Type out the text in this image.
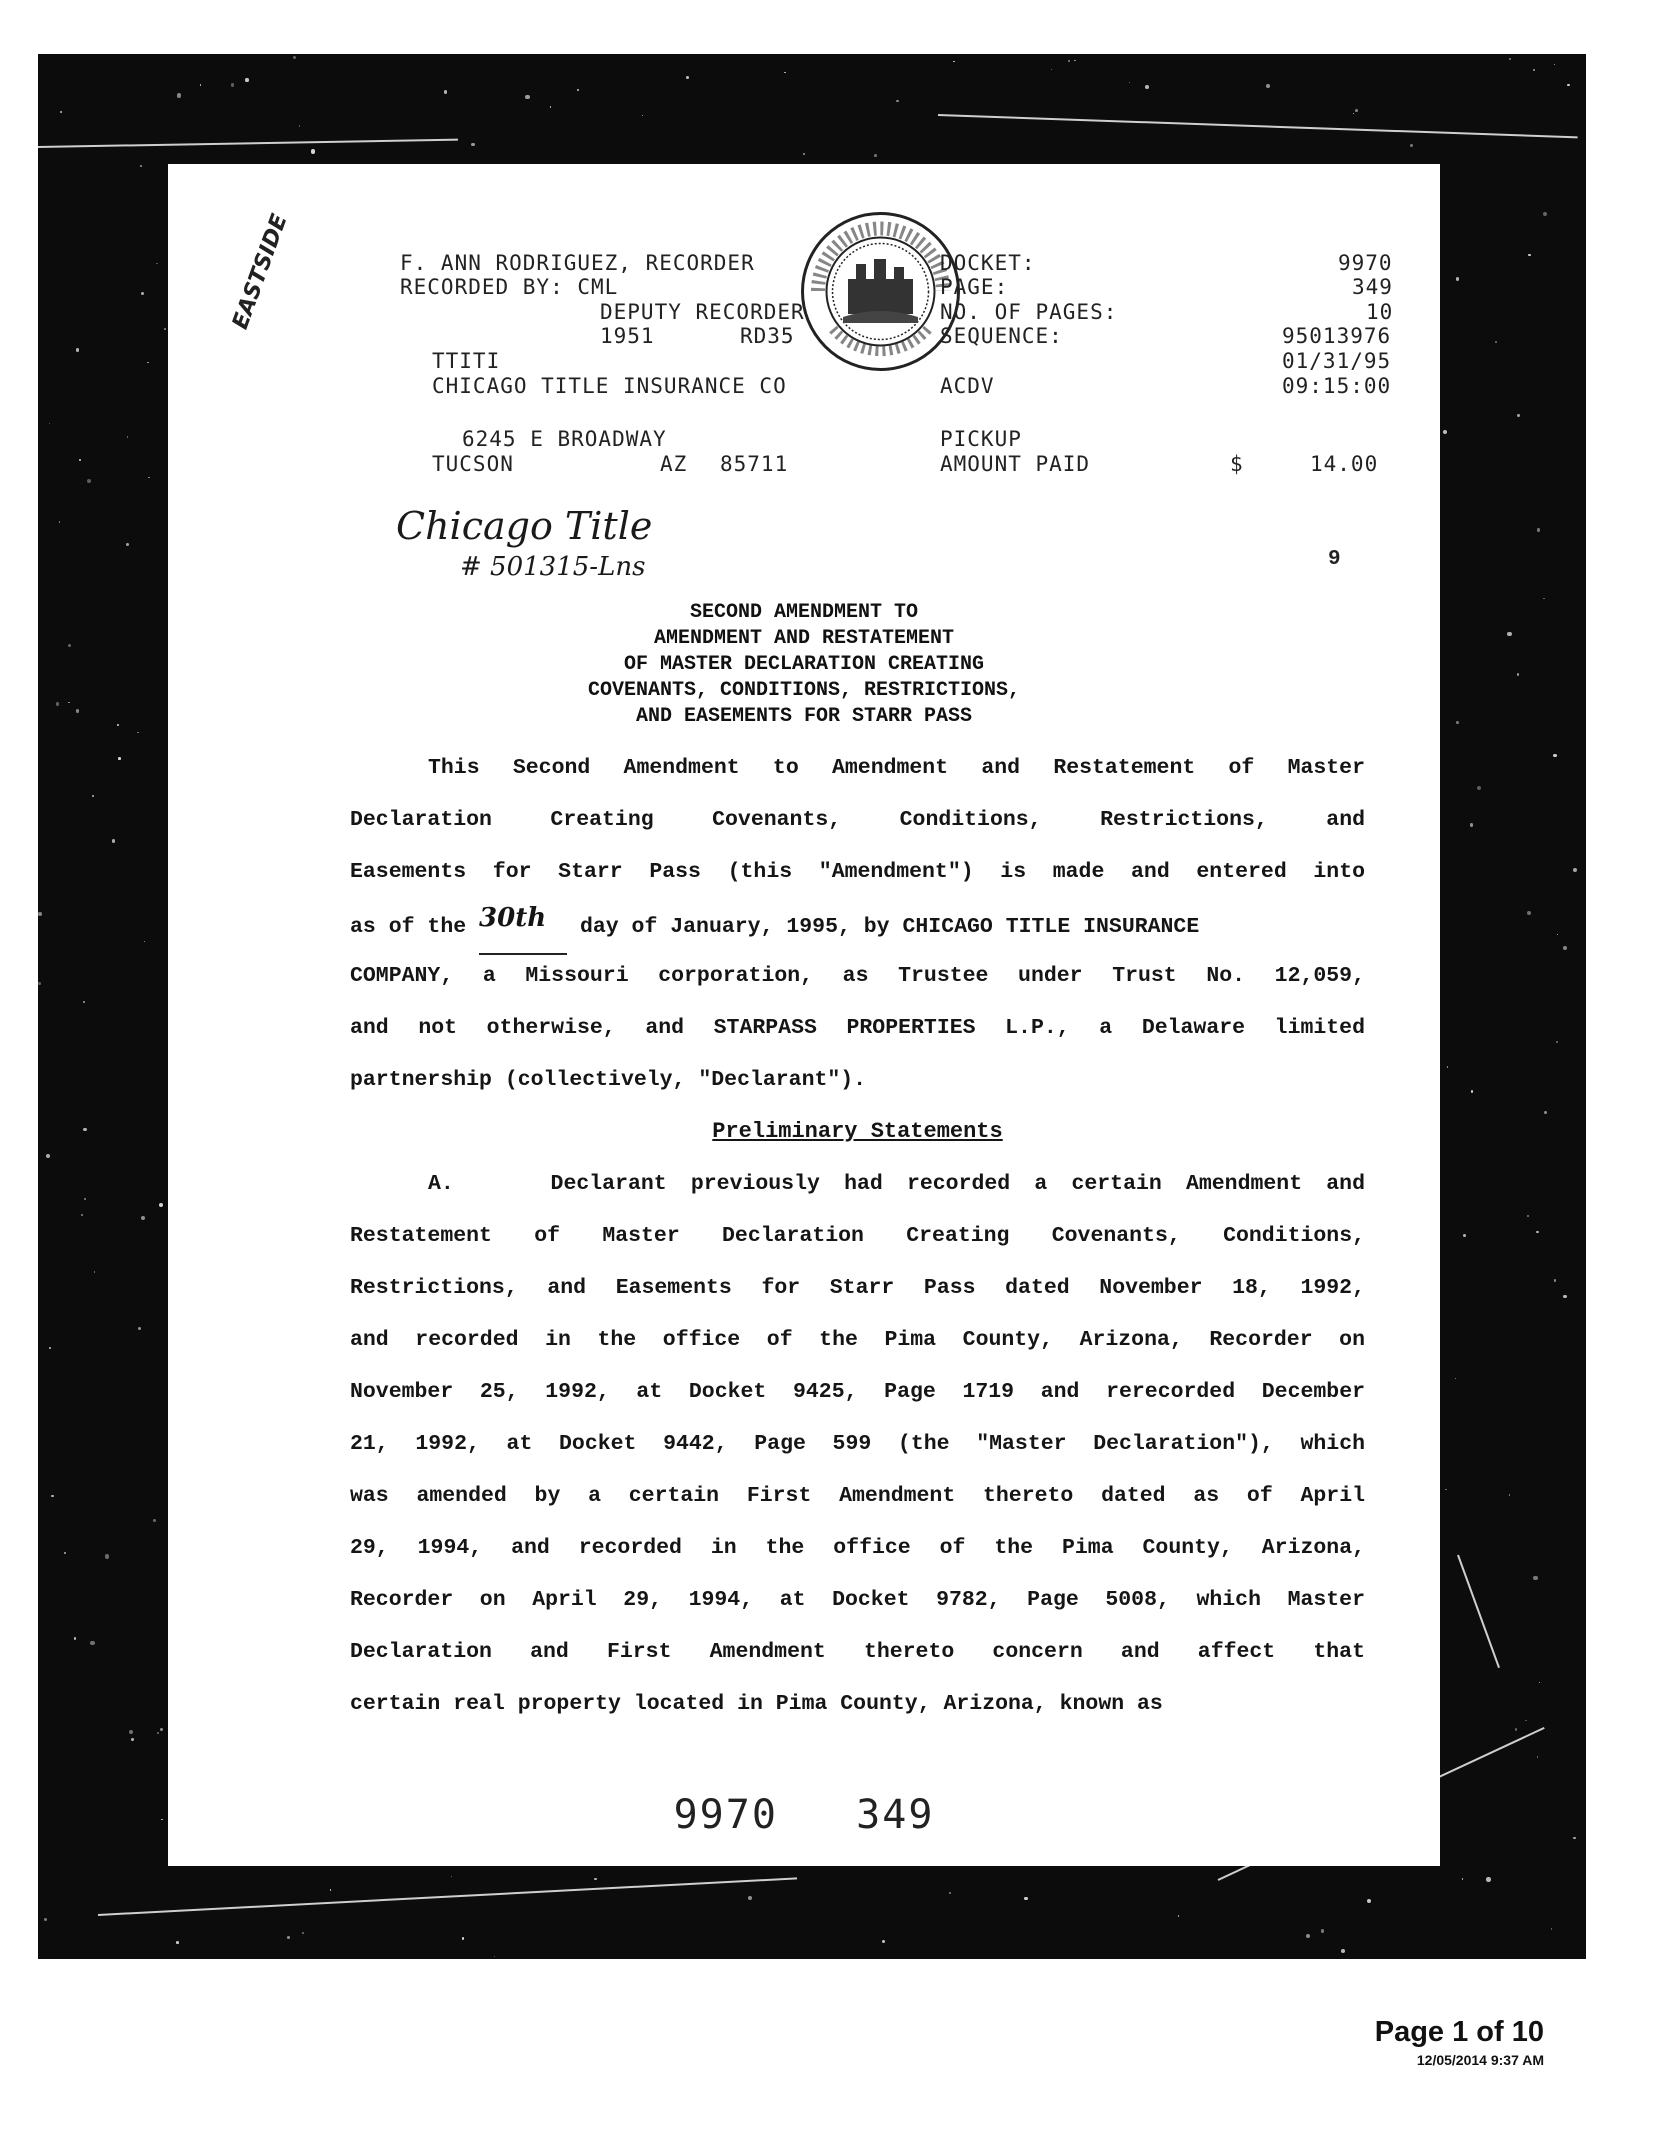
F. ANN RODRIGUEZ, RECORDER
RECORDED BY: CML
DEPUTY RECORDER
1951	RD35
TTITI
CHICAGO TITLE INSURANCE CO
6245 E BROADWAY
TUCSON	AZ 85711
DOCKET:	9970
PAGE:	349
NO. OF PAGES:	10
SEQUENCE:	95013976
01/31/95
ACDV	09:15:00
PICKUP
AMOUNT PAID	$	14.00
EASTSIDE
Chicago Title
# 501315-Lns	9
SECOND AMENDMENT TO
AMENDMENT AND RESTATEMENT
OF MASTER DECLARATION CREATING
COVENANTS, CONDITIONS, RESTRICTIONS,
AND EASEMENTS FOR STARR PASS
This Second Amendment to Amendment and Restatement of Master
Declaration Creating Covenants, Conditions, Restrictions, and
Easements for Starr Pass (this "Amendment") is made and entered into
as of the 30th day of January, 1995, by CHICAGO TITLE INSURANCE
COMPANY, a Missouri corporation, as Trustee under Trust No. 12,059,
and not otherwise, and STARPASS PROPERTIES L.P., a Delaware limited
partnership (collectively, "Declarant").
Preliminary Statements
A.    Declarant previously had recorded a certain Amendment and
Restatement of Master Declaration Creating Covenants, Conditions,
Restrictions, and Easements for Starr Pass dated November 18, 1992,
and recorded in the office of the Pima County, Arizona, Recorder on
November 25, 1992, at Docket 9425, Page 1719 and rerecorded December
21, 1992, at Docket 9442, Page 599 (the "Master Declaration"), which
was amended by a certain First Amendment thereto dated as of April
29, 1994, and recorded in the office of the Pima County, Arizona,
Recorder on April 29, 1994, at Docket 9782, Page 5008, which Master
Declaration and First Amendment thereto concern and affect that
certain real property located in Pima County, Arizona, known as
9970   349
Page 1 of 10
12/05/2014 9:37 AM
